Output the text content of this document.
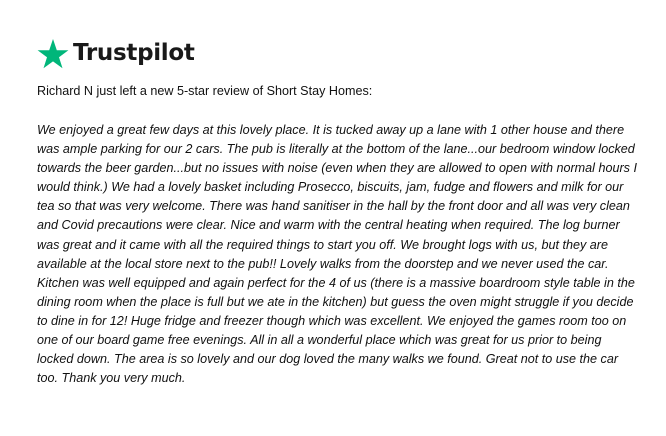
Trustpilot
Richard N just left a new 5-star review of Short Stay Homes:

We enjoyed a great few days at this lovely place. It is tucked away up a lane with 1 other house and there was ample parking for our 2 cars. The pub is literally at the bottom of the lane...our bedroom window locked towards the beer garden...but no issues with noise (even when they are allowed to open with normal hours I would think.) We had a lovely basket including Prosecco, biscuits, jam, fudge and flowers and milk for our tea so that was very welcome. There was hand sanitiser in the hall by the front door and all was very clean and Covid precautions were clear. Nice and warm with the central heating when required. The log burner was great and it came with all the required things to start you off. We brought logs with us, but they are available at the local store next to the pub!! Lovely walks from the doorstep and we never used the car. Kitchen was well equipped and again perfect for the 4 of us (there is a massive boardroom style table in the dining room when the place is full but we ate in the kitchen) but guess the oven might struggle if you decide to dine in for 12! Huge fridge and freezer though which was excellent. We enjoyed the games room too on one of our board game free evenings. All in all a wonderful place which was great for us prior to being locked down. The area is so lovely and our dog loved the many walks we found. Great not to use the car too. Thank you very much.
